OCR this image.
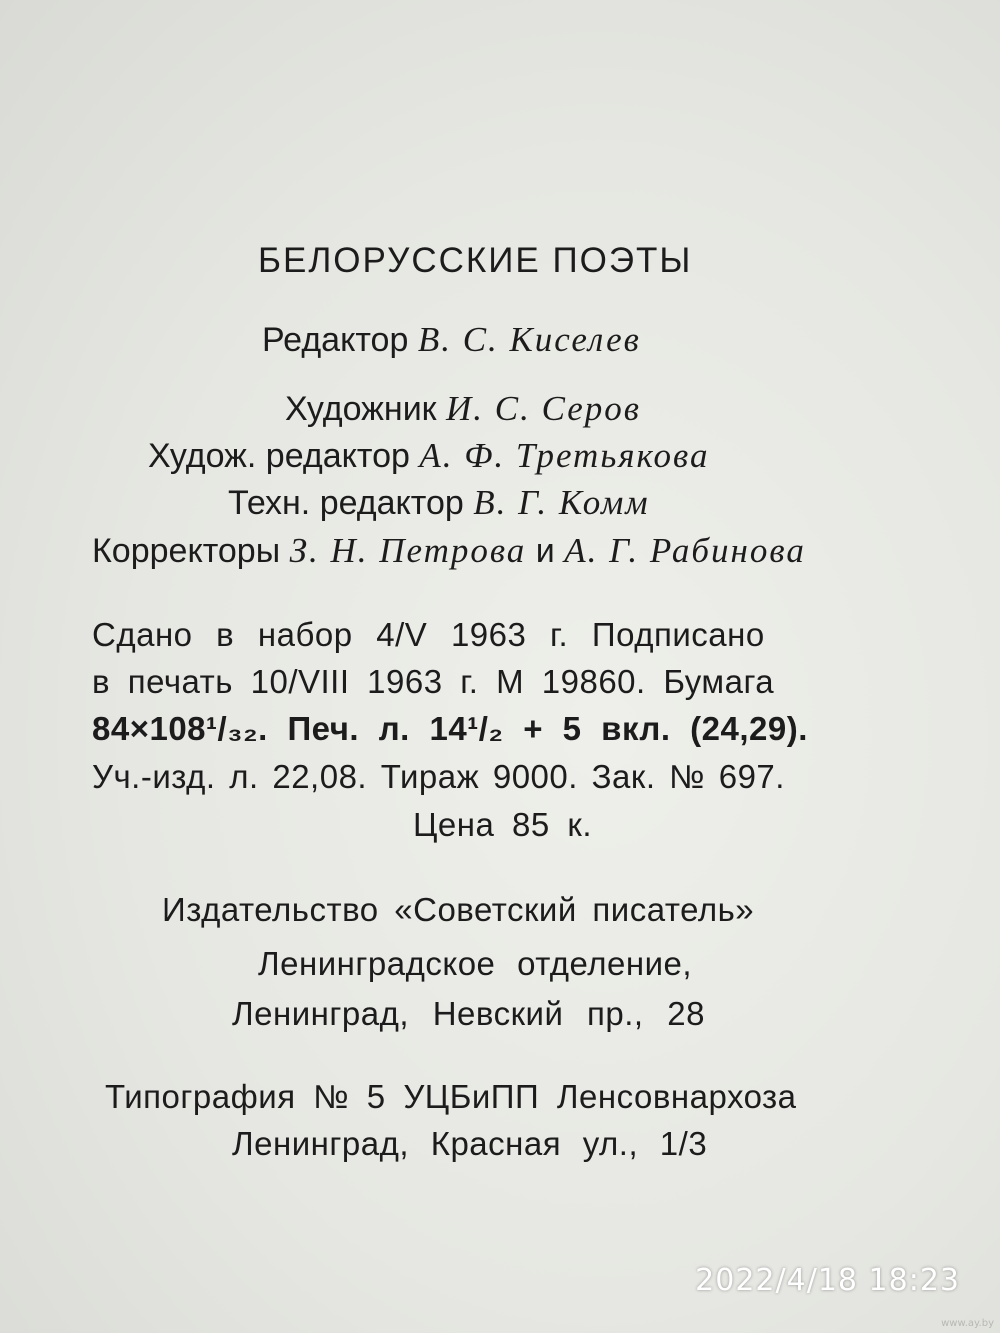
БЕЛОРУССКИЕ ПОЭТЫ
Редактор В. С. Киселев
Художник И. С. Серов
Худож. редактор А. Ф. Третьякова
Техн. редактор В. Г. Комм
Корректоры З. Н. Петрова и А. Г. Рабинова
Сдано в набор 4/V 1963 г. Подписано
в печать 10/VIII 1963 г. М 19860. Бумага
84×108¹/₃₂. Печ. л. 14¹/₂ + 5 вкл. (24,29).
Уч.-изд. л. 22,08. Тираж 9000. Зак. № 697.
Цена 85 к.
Издательство «Советский писатель»
Ленинградское отделение,
Ленинград, Невский пр., 28
Типография № 5 УЦБиПП Ленсовнархоза
Ленинград, Красная ул., 1/3
2022/4/18 18:23
www.ay.by
